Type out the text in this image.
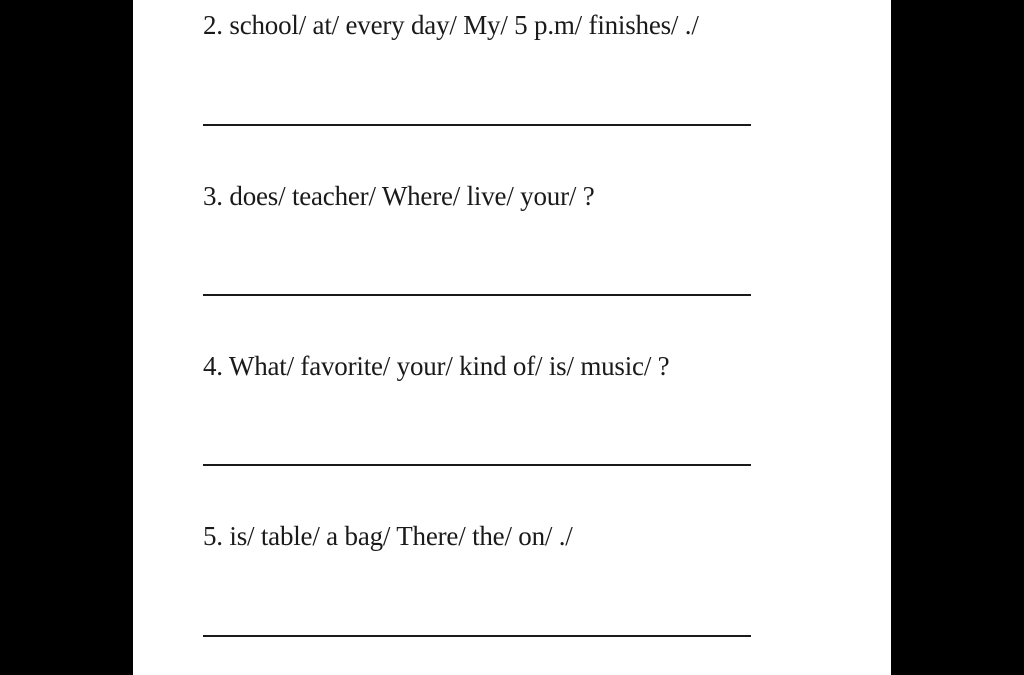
2. school/ at/ every day/ My/ 5 p.m/ finishes/ ./
3. does/ teacher/ Where/ live/ your/ ?
4. What/ favorite/ your/ kind of/ is/ music/ ?
5. is/ table/ a bag/ There/ the/ on/ ./
